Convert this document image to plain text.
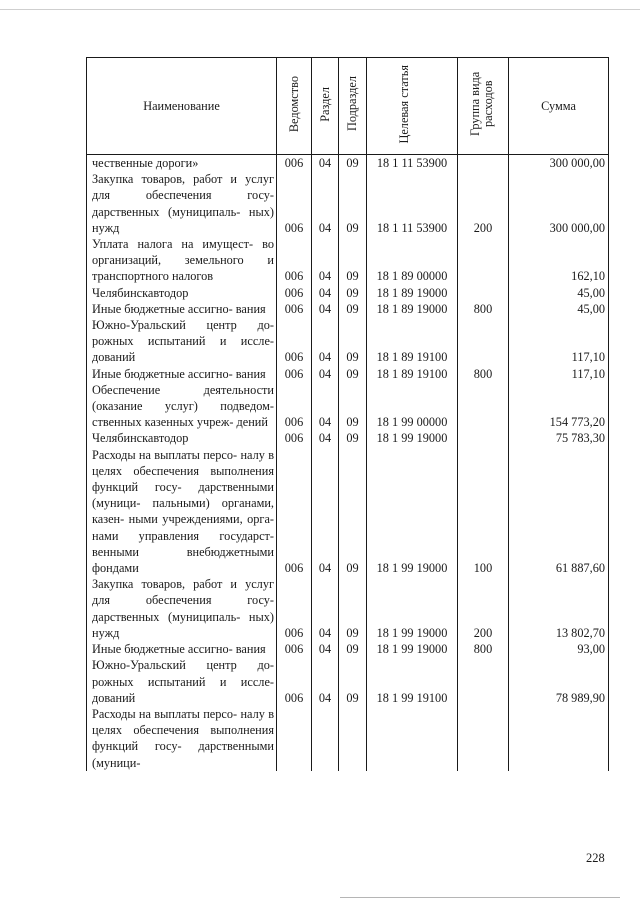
Наименование	Ведомство	Раздел	Подраздел	Целевая статья	Группа вида расходов	Сумма
чественные дороги»	006	04	09	18 1 11 53900		300 000,00
Закупка товаров, работ и услуг для обеспечения госу- дарственных (муниципаль- ных) нужд	006	04	09	18 1 11 53900	200	300 000,00
Уплата налога на имущест- во организаций, земельного и транспортного налогов	006	04	09	18 1 89 00000		162,10
Челябинскавтодор	006	04	09	18 1 89 19000		45,00
Иные бюджетные ассигно- вания	006	04	09	18 1 89 19000	800	45,00
Южно-Уральский центр до- рожных испытаний и иссле- дований	006	04	09	18 1 89 19100		117,10
Иные бюджетные ассигно- вания	006	04	09	18 1 89 19100	800	117,10
Обеспечение деятельности (оказание услуг) подведом- ственных казенных учреж- дений	006	04	09	18 1 99 00000		154 773,20
Челябинскавтодор	006	04	09	18 1 99 19000		75 783,30
Расходы на выплаты персо- налу в целях обеспечения выполнения функций госу- дарственными (муници- пальными) органами, казен- ными учреждениями, орга- нами управления государст- венными внебюджетными фондами	006	04	09	18 1 99 19000	100	61 887,60
Закупка товаров, работ и услуг для обеспечения госу- дарственных (муниципаль- ных) нужд	006	04	09	18 1 99 19000	200	13 802,70
Иные бюджетные ассигно- вания	006	04	09	18 1 99 19000	800	93,00
Южно-Уральский центр до- рожных испытаний и иссле- дований	006	04	09	18 1 99 19100		78 989,90
Расходы на выплаты персо- налу в целях обеспечения выполнения функций госу- дарственными (муници-						
228
